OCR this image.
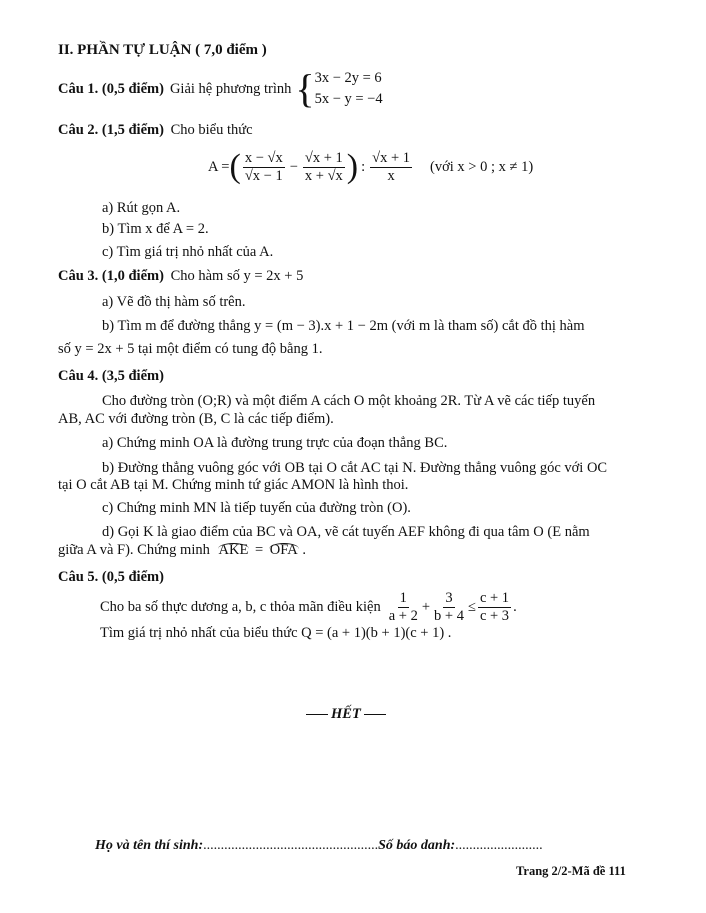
II. PHẦN TỰ LUẬN ( 7,0 điểm )
Câu 1. (0,5 điểm) Giải hệ phương trình { 3x − 2y = 6
5x − y = −4
Câu 2. (1,5 điểm) Cho biểu thức
A = ( $\frac{x - √x}{√x - 1} - \frac{√x + 1}{x + √x}$ ) : $\frac{√x + 1}{x}$ (với x > 0 ; x ≠ 1)
a) Rút gọn A.
b) Tìm x để A = 2.
c) Tìm giá trị nhỏ nhất của A.
Câu 3. (1,0 điểm) Cho hàm số y = 2x + 5
a) Vẽ đồ thị hàm số trên.
b) Tìm m để đường thẳng y = (m − 3).x + 1 − 2m (với m là tham số) cắt đồ thị hàm
số y = 2x + 5 tại một điểm có tung độ bằng 1.
Câu 4. (3,5 điểm)
Cho đường tròn (O;R) và một điểm A cách O một khoảng 2R. Từ A vẽ các tiếp tuyến
AB, AC với đường tròn (B, C là các tiếp điểm).
a) Chứng minh OA là đường trung trực của đoạn thẳng BC.
b) Đường thẳng vuông góc với OB tại O cắt AC tại N. Đường thẳng vuông góc với OC
tại O cắt AB tại M. Chứng minh tứ giác AMON là hình thoi.
c) Chứng minh MN là tiếp tuyến của đường tròn (O).
d) Gọi K là giao điểm của BC và OA, vẽ cát tuyến AEF không đi qua tâm O (E nằm
giữa A và F). Chứng minh AKE = OFA .
Câu 5. (0,5 điểm)
Cho ba số thực dương a, b, c thỏa mãn điều kiện $\frac{1}{a + 2} + \frac{3}{b + 4} \le \frac{c + 1}{c + 3}$ .
Tìm giá trị nhỏ nhất của biểu thức Q = (a + 1)(b + 1)(c + 1) .
HẾT
Họ và tên thí sinh:..................................................Số báo danh:.........................
Trang 2/2-Mã đề 111
